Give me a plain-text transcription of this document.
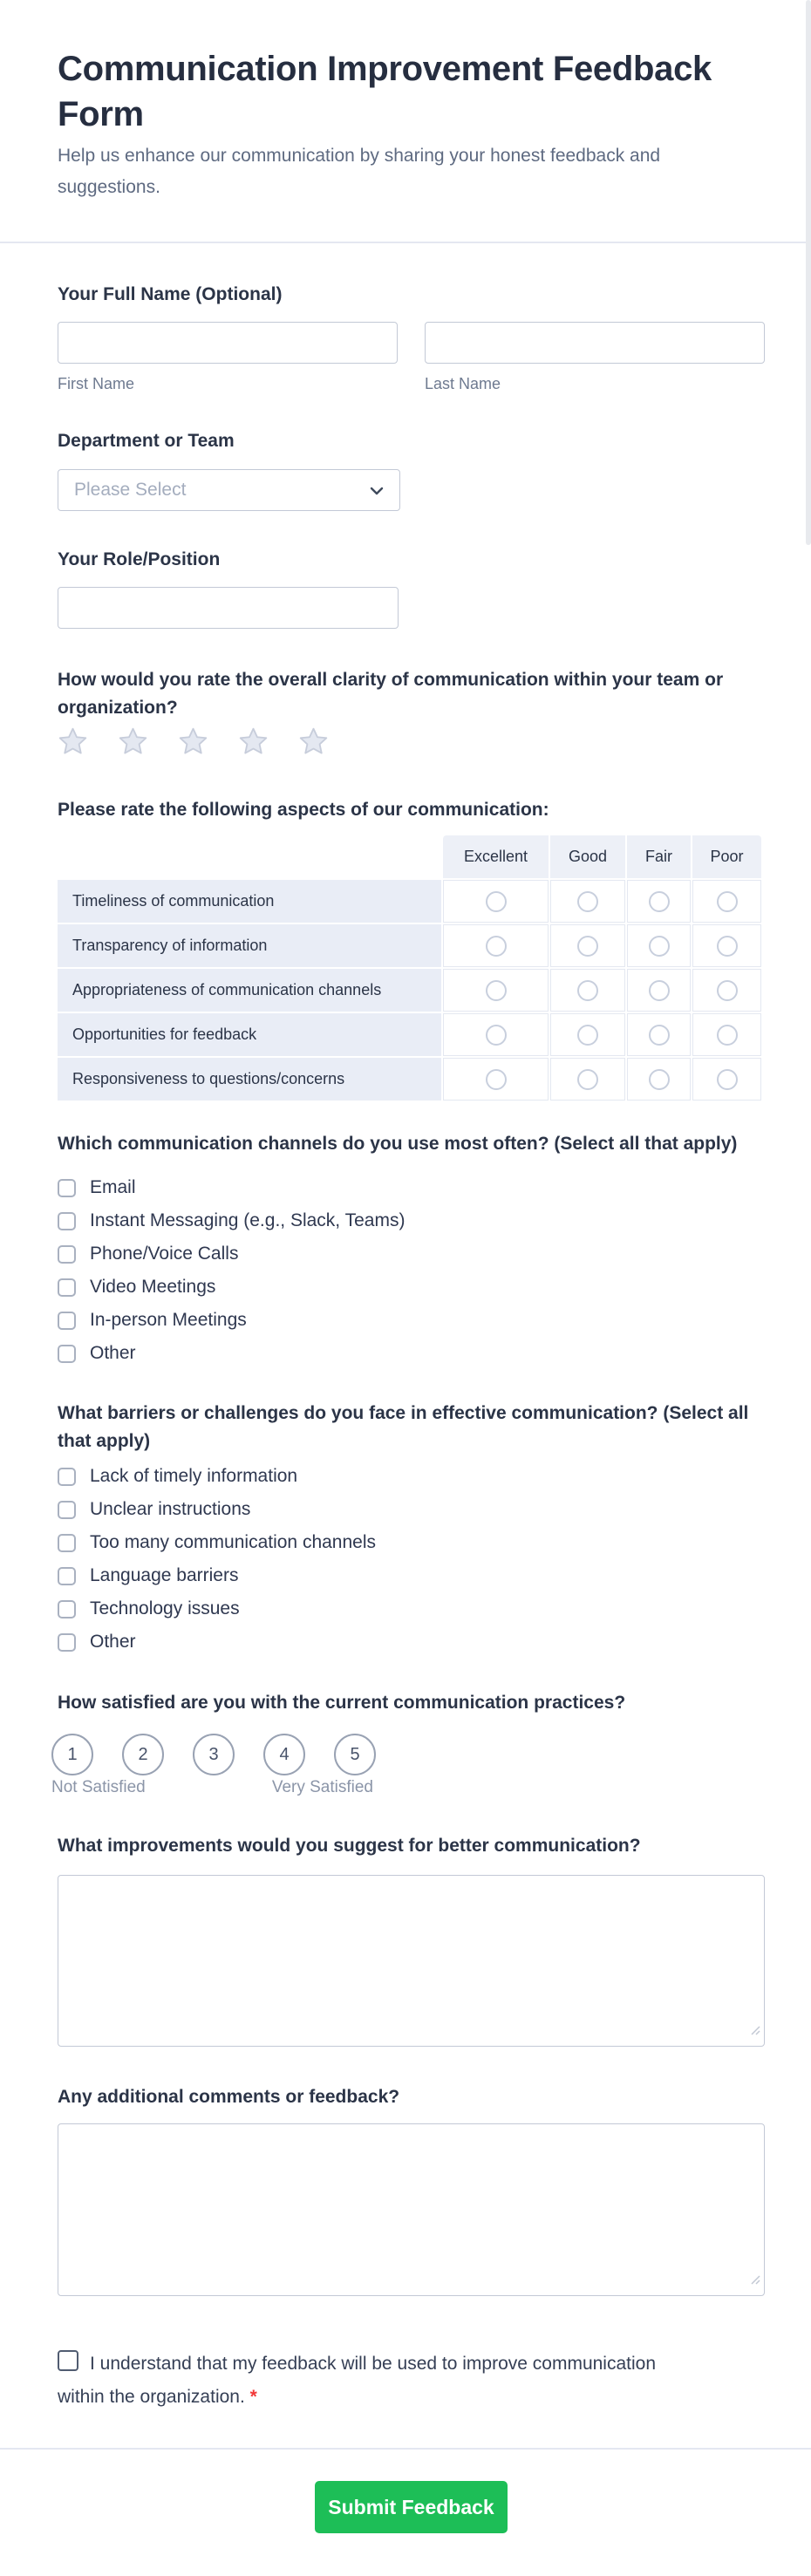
Communication Improvement Feedback Form

Help us enhance our communication by sharing your honest feedback and suggestions.

Your Full Name (Optional)

First Name	Last Name

Department or Team

Please Select

Your Role/Position

How would you rate the overall clarity of communication within your team or organization?

Please rate the following aspects of our communication:

	Excellent	Good	Fair	Poor
Timeliness of communication	

Transparency of information	

Appropriateness of communication channels	

Opportunities for feedback	

Responsiveness to questions/concerns	

Which communication channels do you use most often? (Select all that apply)

Email
Instant Messaging (e.g., Slack, Teams)
Phone/Voice Calls
Video Meetings
In-person Meetings
Other

What barriers or challenges do you face in effective communication? (Select all that apply)

Lack of timely information
Unclear instructions
Too many communication channels
Language barriers
Technology issues
Other

How satisfied are you with the current communication practices?

1	2	3	4	5
Not Satisfied	Very Satisfied

What improvements would you suggest for better communication?

Any additional comments or feedback?

I understand that my feedback will be used to improve communication within the organization. *

Submit Feedback
